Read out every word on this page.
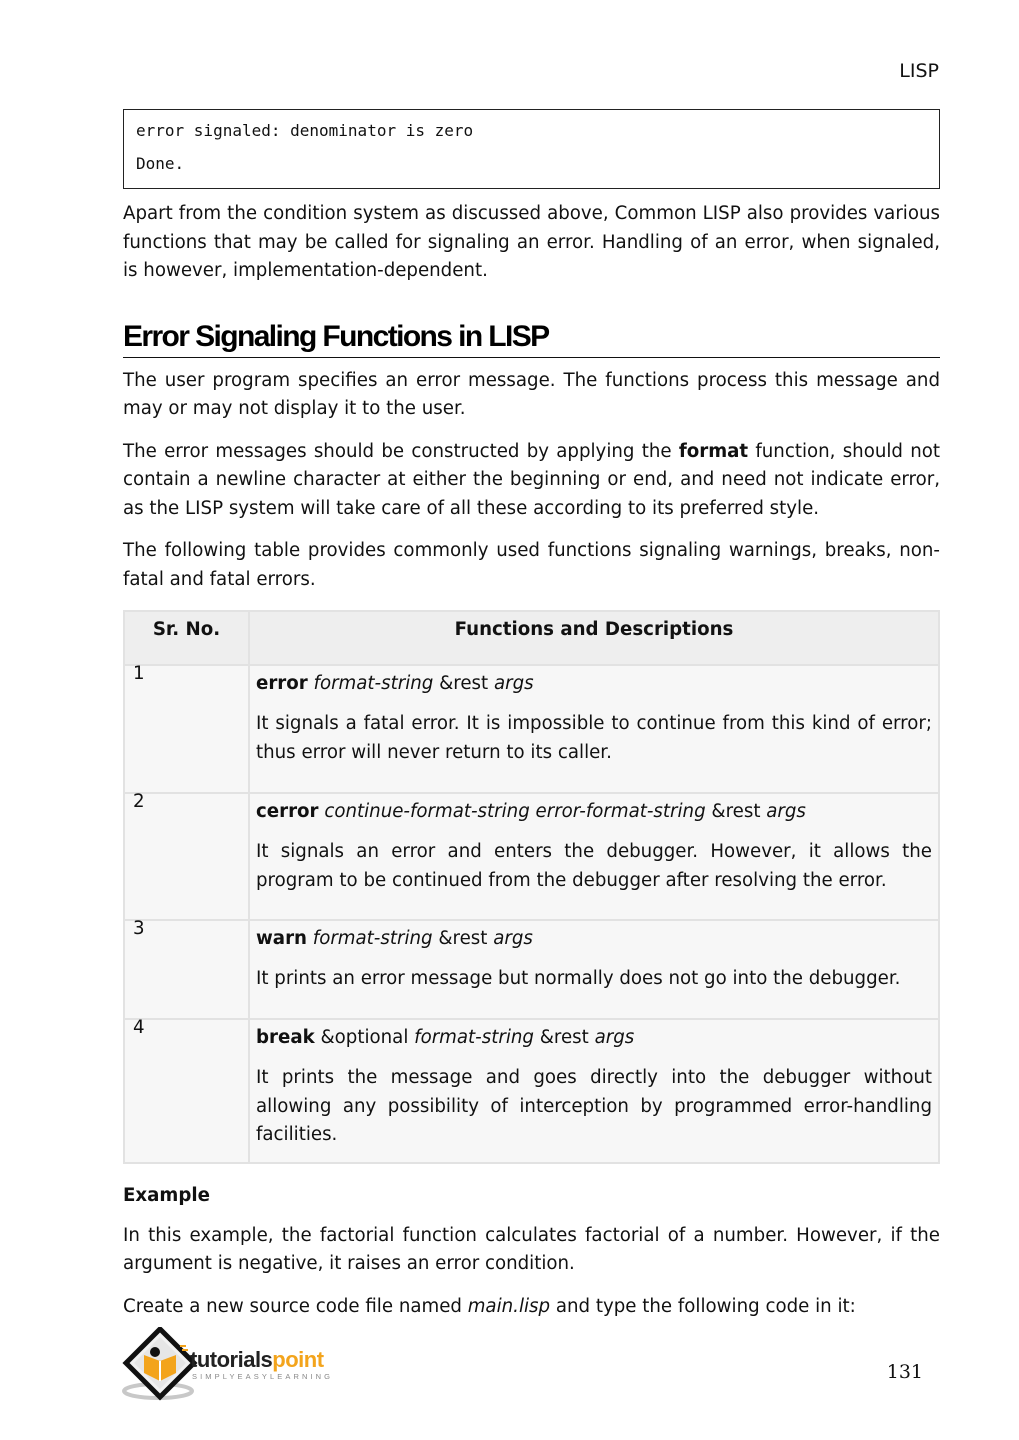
LISP
error signaled: denominator is zero
Done.

Apart from the condition system as discussed above, Common LISP also provides various functions that may be called for signaling an error. Handling of an error, when signaled, is however, implementation-dependent.

Error Signaling Functions in LISP

The user program specifies an error message. The functions process this message and may or may not display it to the user.

The error messages should be constructed by applying the format function, should not contain a newline character at either the beginning or end, and need not indicate error, as the LISP system will take care of all these according to its preferred style.

The following table provides commonly used functions signaling warnings, breaks, non-fatal and fatal errors.

Sr. No.	Functions and Descriptions

1	error format-string &rest args

It signals a fatal error. It is impossible to continue from this kind of error; thus error will never return to its caller.

2	cerror continue-format-string error-format-string &rest args

It signals an error and enters the debugger. However, it allows the program to be continued from the debugger after resolving the error.

3	warn format-string &rest args

It prints an error message but normally does not go into the debugger.

4	break &optional format-string &rest args

It prints the message and goes directly into the debugger without allowing any possibility of interception by programmed error-handling facilities.

Example

In this example, the factorial function calculates factorial of a number. However, if the argument is negative, it raises an error condition.

Create a new source code file named main.lisp and type the following code in it:

tutorialspoint
SIMPLYEASYLEARNING	131
